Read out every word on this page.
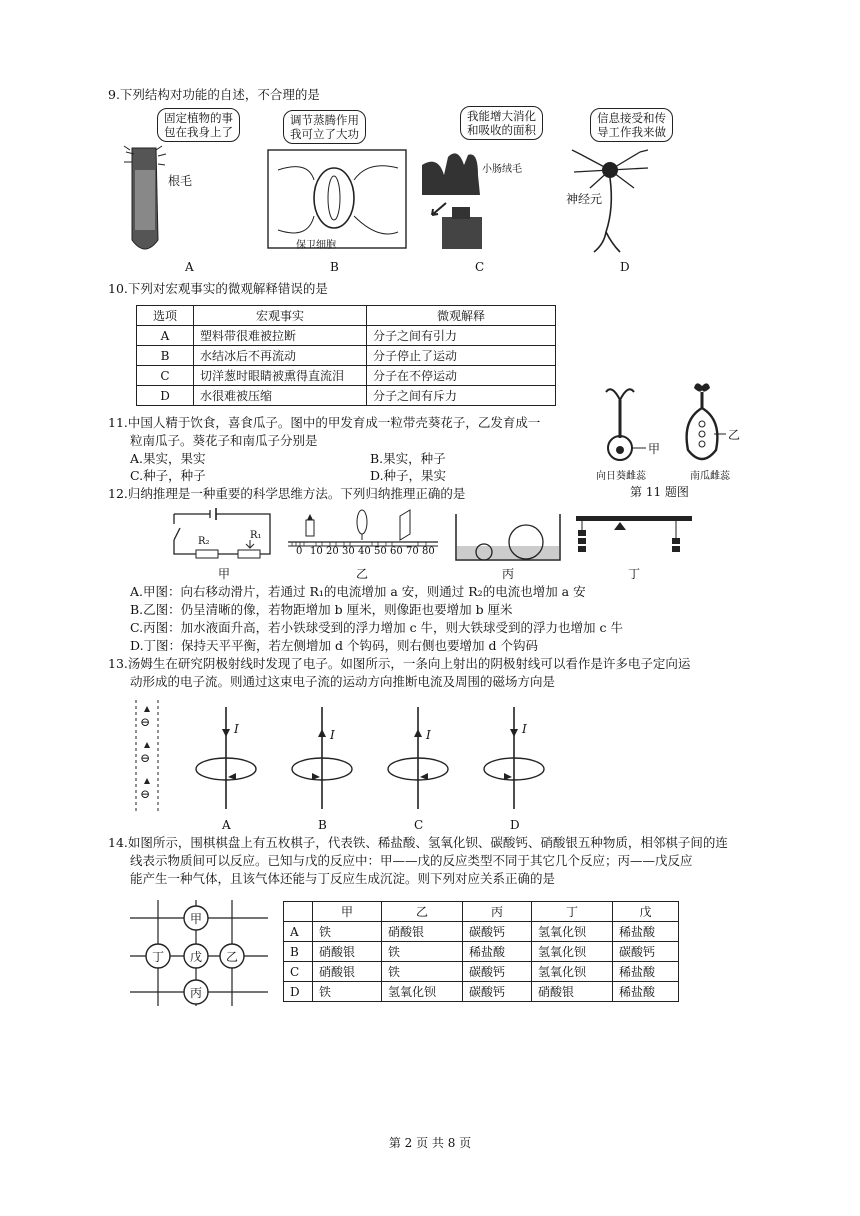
9.下列结构对功能的自述，不合理的是
固定植物的事
包在我身上了
根毛
A
调节蒸腾作用
我可立了大功
保卫细胞
B
我能增大消化
和吸收的面积
小肠绒毛
C
信息接受和传
导工作我来做
神经元
D
10.下列对宏观事实的微观解释错误的是
选项	宏观事实	微观解释
A	塑料带很难被拉断	分子之间有引力
B	水结冰后不再流动	分子停止了运动
C	切洋葱时眼睛被熏得直流泪	分子在不停运动
D	水很难被压缩	分子之间有斥力
11.中国人精于饮食，喜食瓜子。图中的甲发育成一粒带壳葵花子，乙发育成一
粒南瓜子。葵花子和南瓜子分别是
A.果实，果实	B.果实，种子
C.种子，种子	D.种子，果实
甲
乙
向日葵雌蕊	南瓜雌蕊
第 11 题图
12.归纳推理是一种重要的科学思维方法。下列归纳推理正确的是
R₂
R₁
甲
0 10 20 30 40 50 60 70 80
乙	丙	丁
A.甲图：向右移动滑片，若通过 R₁的电流增加 a 安，则通过 R₂的电流也增加 a 安
B.乙图：仍呈清晰的像，若物距增加 b 厘米，则像距也要增加 b 厘米
C.丙图：加水液面升高，若小铁球受到的浮力增加 c 牛，则大铁球受到的浮力也增加 c 牛
D.丁图：保持天平平衡，若左侧增加 d 个钩码，则右侧也要增加 d 个钩码
13.汤姆生在研究阴极射线时发现了电子。如图所示，一条向上射出的阴极射线可以看作是许多电子定向运
动形成的电子流。则通过这束电子流的运动方向推断电流及周围的磁场方向是
⊖
⊖
⊖
I	I	I	I
A	B	C	D
14.如图所示，围棋棋盘上有五枚棋子，代表铁、稀盐酸、氢氧化钡、碳酸钙、硝酸银五种物质，相邻棋子间的连
线表示物质间可以反应。已知与戊的反应中：甲——戊的反应类型不同于其它几个反应；丙——戊反应
能产生一种气体，且该气体还能与丁反应生成沉淀。则下列对应关系正确的是
甲
丁 戊 乙
丙
	甲	乙	丙	丁	戊
A	铁	硝酸银	碳酸钙	氢氧化钡	稀盐酸
B	硝酸银	铁	稀盐酸	氢氧化钡	碳酸钙
C	硝酸银	铁	碳酸钙	氢氧化钡	稀盐酸
D	铁	氢氧化钡	碳酸钙	硝酸银	稀盐酸
第 2 页 共 8 页
